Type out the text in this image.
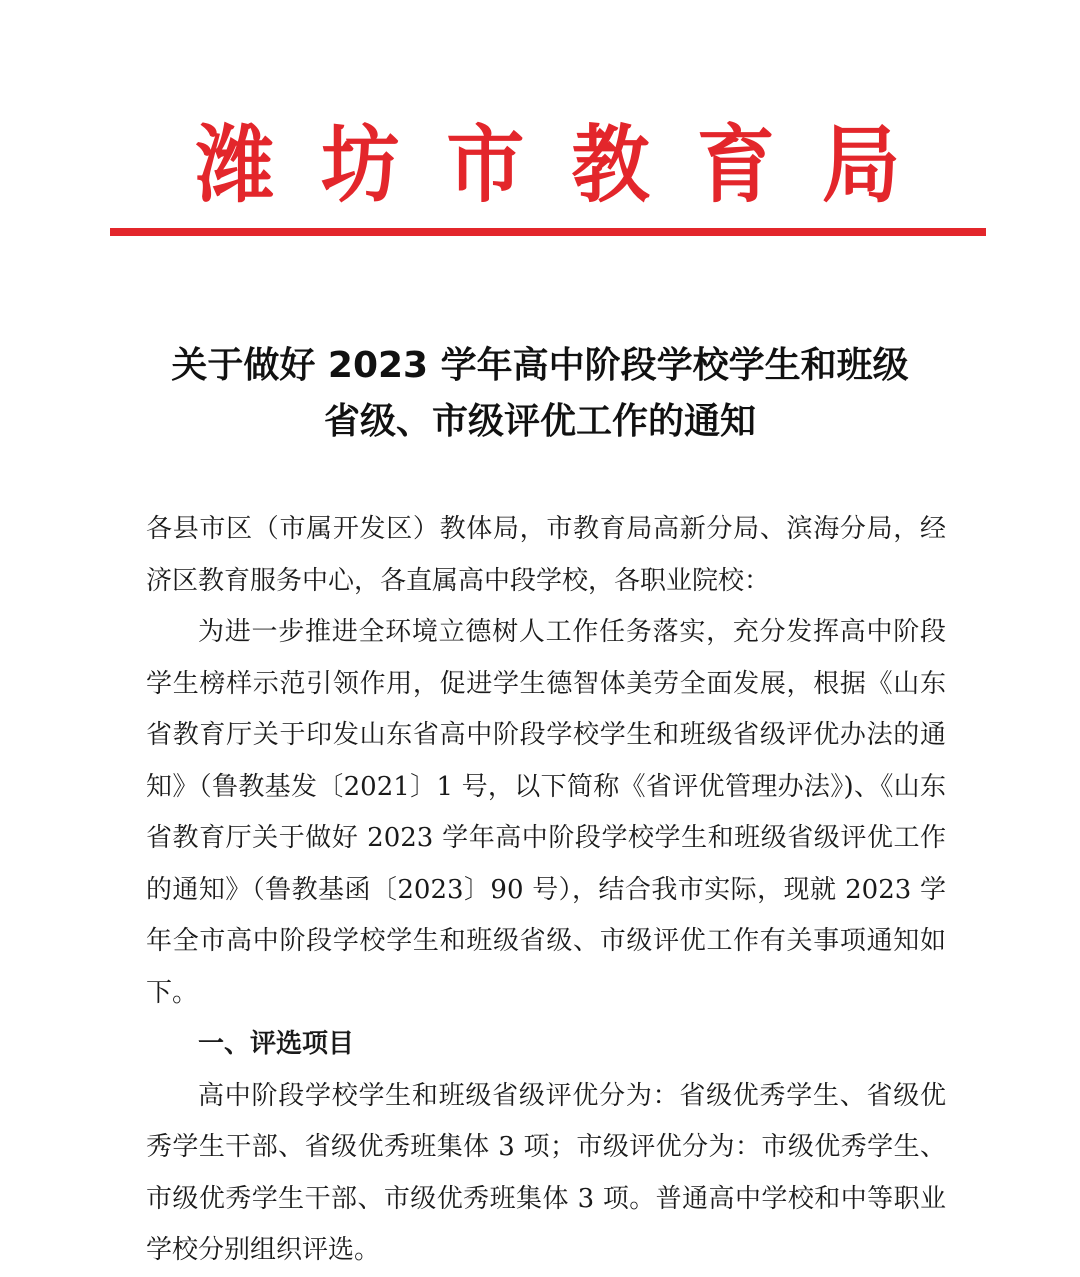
潍 坊 市 教 育 局
关于做好 2023 学年高中阶段学校学生和班级
省级、市级评优工作的通知

各县市区（市属开发区）教体局，市教育局高新分局、滨海分局，经济区教育服务中心，各直属高中段学校，各职业院校：

为进一步推进全环境立德树人工作任务落实，充分发挥高中阶段学生榜样示范引领作用，促进学生德智体美劳全面发展，根据《山东省教育厅关于印发山东省高中阶段学校学生和班级省级评优办法的通知》（鲁教基发〔2021〕1 号，以下简称《省评优管理办法》)、《山东省教育厅关于做好 2023 学年高中阶段学校学生和班级省级评优工作的通知》（鲁教基函〔2023〕90 号），结合我市实际，现就 2023 学年全市高中阶段学校学生和班级省级、市级评优工作有关事项通知如下。

一、评选项目

高中阶段学校学生和班级省级评优分为：省级优秀学生、省级优秀学生干部、省级优秀班集体 3 项；市级评优分为：市级优秀学生、市级优秀学生干部、市级优秀班集体 3 项。普通高中学校和中等职业学校分别组织评选。
